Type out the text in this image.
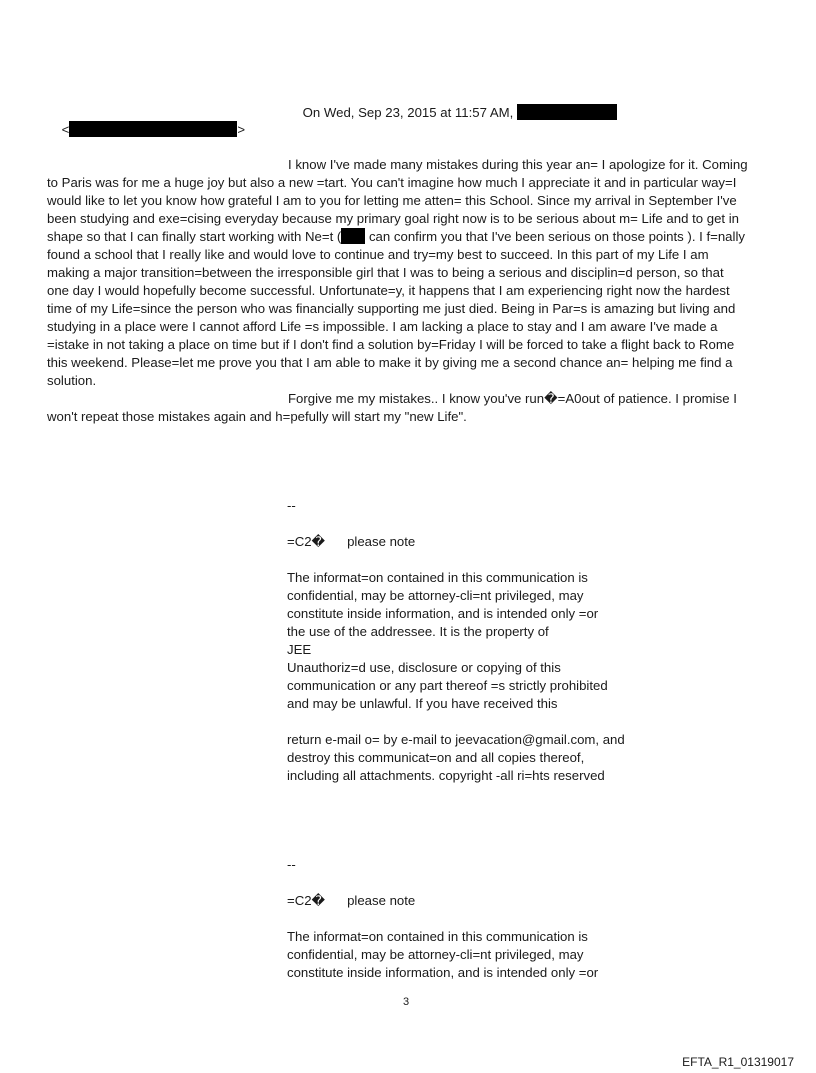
On Wed, Sep 23, 2015 at 11:57 AM,

<	>

I know I've made many mistakes during this year an= I apologize for it. Coming
to Paris was for me a huge joy but also a new =tart. You can't imagine how much I appreciate it and in particular way=I
would like to let you know how grateful I am to you for letting me atten= this School. Since my arrival in September I've
been studying and exe=cising everyday because my primary goal right now is to be serious about m= Life and to get in
shape so that I can finally start working with Ne=t ( can confirm you that I've been serious on those points ). I f=nally
found a school that I really like and would love to continue and try=my best to succeed. In this part of my Life I am
making a major transition=between the irresponsible girl that I was to being a serious and disciplin=d person, so that
one day I would hopefully become successful. Unfortunate=y, it happens that I am experiencing right now the hardest
time of my Life=since the person who was financially supporting me just died. Being in Par=s is amazing but living and
studying in a place were I cannot afford Life =s impossible. I am lacking a place to stay and I am aware I've made a
=istake in not taking a place on time but if I don't find a solution by=Friday I will be forced to take a flight back to Rome
this weekend. Please=let me prove you that I am able to make it by giving me a second chance an= helping me find a
solution.
Forgive me my mistakes.. I know you've run�=A0out of patience. I promise I
won't repeat those mistakes again and h=pefully will start my "new Life".
--
=C2� please note
The informat=on contained in this communication is
confidential, may be attorney-cli=nt privileged, may
constitute inside information, and is intended only =or
the use of the addressee. It is the property of
JEE
Unauthoriz=d use, disclosure or copying of this
communication or any part thereof =s strictly prohibited
and may be unlawful. If you have received this
return e-mail o= by e-mail to jeevacation@gmail.com, and
destroy this communicat=on and all copies thereof,
including all attachments. copyright -all ri=hts reserved
--
=C2� please note
The informat=on contained in this communication is
confidential, may be attorney-cli=nt privileged, may
constitute inside information, and is intended only =or
3
EFTA_R1_01319017
